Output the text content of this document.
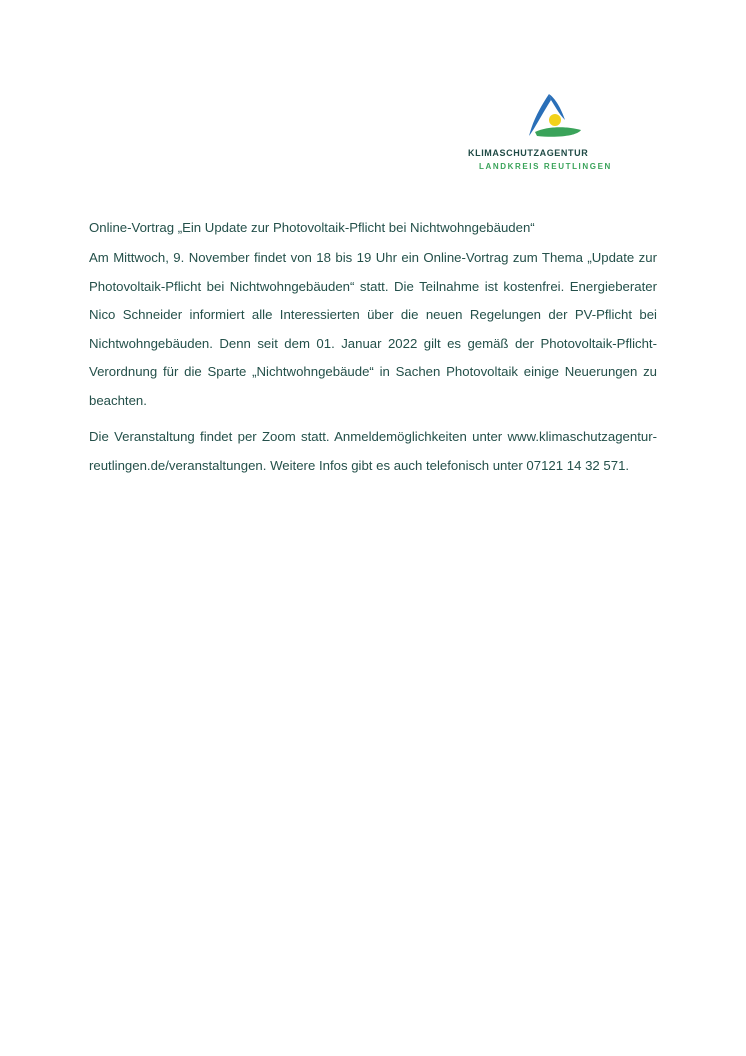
klimaschutzagentur
LANDKREIS REUTLINGEN

Online-Vortrag „Ein Update zur Photovoltaik-Pflicht bei Nichtwohngebäuden“

Am Mittwoch, 9. November findet von 18 bis 19 Uhr ein Online-Vortrag zum Thema „Update zur Photovoltaik-Pflicht bei Nichtwohngebäuden“ statt. Die Teilnahme ist kostenfrei. Energieberater Nico Schneider informiert alle Interessierten über die neuen Regelungen der PV-Pflicht bei Nichtwohngebäuden. Denn seit dem 01. Januar 2022 gilt es gemäß der Photovoltaik-Pflicht-Verordnung für die Sparte „Nichtwohngebäude“ in Sachen Photovoltaik einige Neuerungen zu beachten.

Die Veranstaltung findet per Zoom statt. Anmeldemöglichkeiten unter www.klimaschutzagentur-reutlingen.de/veranstaltungen. Weitere Infos gibt es auch telefonisch unter 07121 14 32 571.
